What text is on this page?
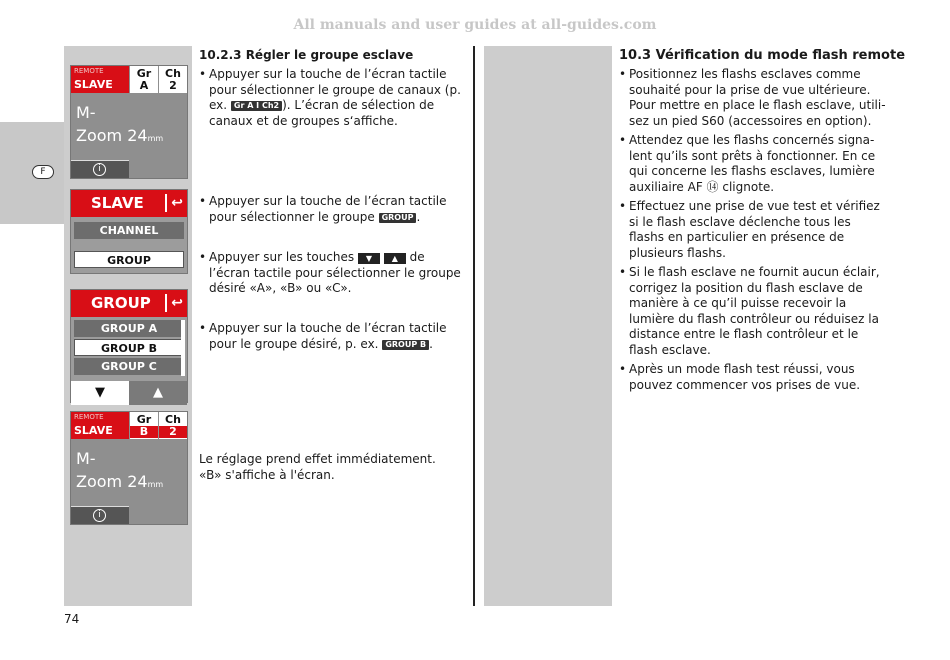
All manuals and user guides at all-guides.com
F
REMOTE
SLAVE
Gr
A
Ch
2
M-
Zoom 24mm
i
SLAVE	↩
CHANNEL
GROUP
GROUP	↩
GROUP A
GROUP B
GROUP C
▼	▲
REMOTE
SLAVE
Gr
B
Ch
2
M-
Zoom 24mm
i
10.2.3 Régler le groupe esclave
• Appuyer sur la touche de l’écran tactile pour sélectionner le groupe de canaux (p. ex. Gr A I Ch2 ). L’écran de sélection de canaux et de groupes s‘affiche.
• Appuyer sur la touche de l’écran tactile pour sélectionner le groupe GROUP .
• Appuyer sur les touches ▼ ▲ de l’écran tactile pour sélectionner le groupe désiré «A», «B» ou «C».
• Appuyer sur la touche de l’écran tactile pour le groupe désiré, p. ex. GROUP B .
Le réglage prend effet immédiatement. «B» s'affiche à l'écran.
10.3 Vérification du mode flash remote
• Positionnez les flashs esclaves comme souhaité pour la prise de vue ultérieure. Pour mettre en place le flash esclave, utili-sez un pied S60 (accessoires en option).
• Attendez que les flashs concernés signa-lent qu’ils sont prêts à fonctionner. En ce qui concerne les flashs esclaves, lumière auxiliaire AF ⑭ clignote.
• Effectuez une prise de vue test et vérifiez si le flash esclave déclenche tous les flashs en particulier en présence de plusieurs flashs.
• Si le flash esclave ne fournit aucun éclair, corrigez la position du flash esclave de manière à ce qu’il puisse recevoir la lumière du flash contrôleur ou réduisez la distance entre le flash contrôleur et le flash esclave.
• Après un mode flash test réussi, vous pouvez commencer vos prises de vue.
74
